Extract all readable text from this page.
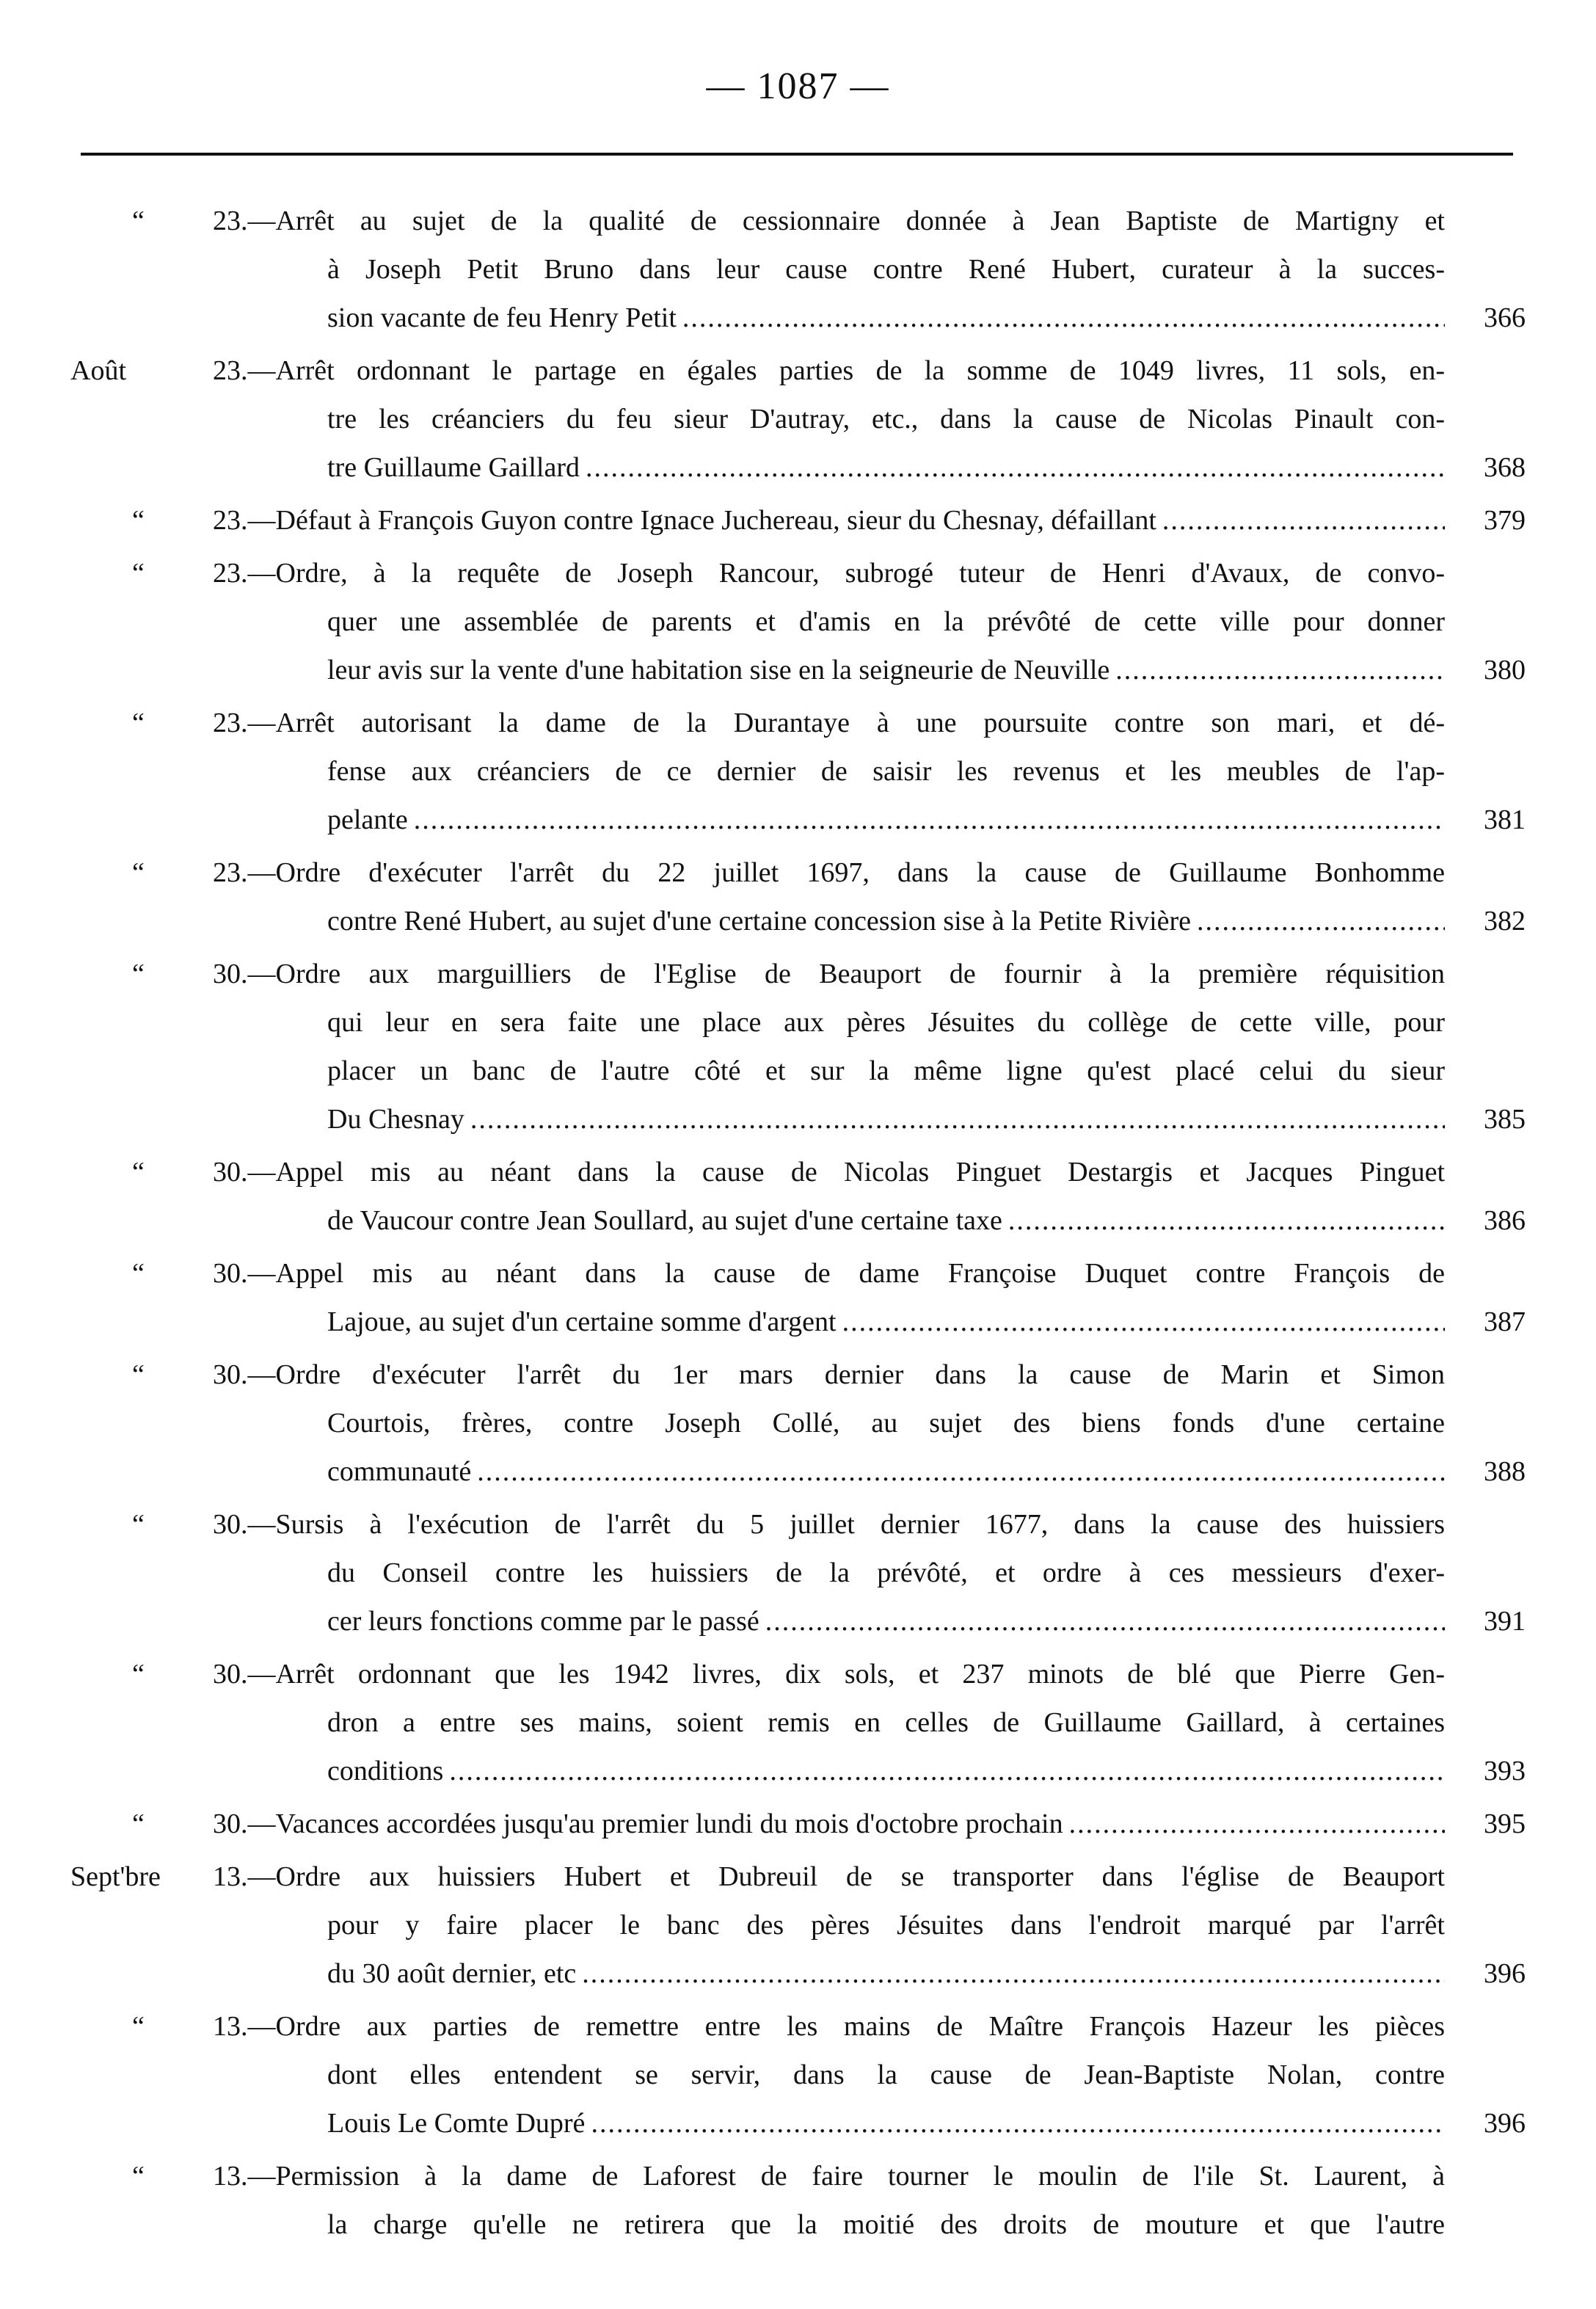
— 1087 —
“	23.—Arrêt au sujet de la qualité de cessionnaire donnée à Jean Baptiste de Martigny et
à Joseph Petit Bruno dans leur cause contre René Hubert, curateur à la succes-
sion vacante de feu Henry Petit .....	366
Août	23.—Arrêt ordonnant le partage en égales parties de la somme de 1049 livres, 11 sols, en-
tre les créanciers du feu sieur D'autray, etc., dans la cause de Nicolas Pinault con-
tre Guillaume Gaillard .....	368
“	23.—Défaut à François Guyon contre Ignace Juchereau, sieur du Chesnay, défaillant .....	379
“	23.—Ordre, à la requête de Joseph Rancour, subrogé tuteur de Henri d'Avaux, de convo-
quer une assemblée de parents et d'amis en la prévôté de cette ville pour donner
leur avis sur la vente d'une habitation sise en la seigneurie de Neuville .....	380
“	23.—Arrêt autorisant la dame de la Durantaye à une poursuite contre son mari, et dé-
fense aux créanciers de ce dernier de saisir les revenus et les meubles de l'ap-
pelante .....	381
“	23.—Ordre d'exécuter l'arrêt du 22 juillet 1697, dans la cause de Guillaume Bonhomme
contre René Hubert, au sujet d'une certaine concession sise à la Petite Rivière .....	382
“	30.—Ordre aux marguilliers de l'Eglise de Beauport de fournir à la première réquisition
qui leur en sera faite une place aux pères Jésuites du collège de cette ville, pour
placer un banc de l'autre côté et sur la même ligne qu'est placé celui du sieur
Du Chesnay .....	385
“	30.—Appel mis au néant dans la cause de Nicolas Pinguet Destargis et Jacques Pinguet
de Vaucour contre Jean Soullard, au sujet d'une certaine taxe .....	386
“	30.—Appel mis au néant dans la cause de dame Françoise Duquet contre François de
Lajoue, au sujet d'un certaine somme d'argent .....	387
“	30.—Ordre d'exécuter l'arrêt du 1er mars dernier dans la cause de Marin et Simon
Courtois, frères, contre Joseph Collé, au sujet des biens fonds d'une certaine
communauté .....	388
“	30.—Sursis à l'exécution de l'arrêt du 5 juillet dernier 1677, dans la cause des huissiers
du Conseil contre les huissiers de la prévôté, et ordre à ces messieurs d'exer-
cer leurs fonctions comme par le passé .....	391
“	30.—Arrêt ordonnant que les 1942 livres, dix sols, et 237 minots de blé que Pierre Gen-
dron a entre ses mains, soient remis en celles de Guillaume Gaillard, à certaines
conditions .....	393
“	30.—Vacances accordées jusqu'au premier lundi du mois d'octobre prochain .....	395
Sept'bre	13.—Ordre aux huissiers Hubert et Dubreuil de se transporter dans l'église de Beauport
pour y faire placer le banc des pères Jésuites dans l'endroit marqué par l'arrêt
du 30 août dernier, etc .....	396
“	13.—Ordre aux parties de remettre entre les mains de Maître François Hazeur les pièces
dont elles entendent se servir, dans la cause de Jean-Baptiste Nolan, contre
Louis Le Comte Dupré .....	396
“	13.—Permission à la dame de Laforest de faire tourner le moulin de l'ile St. Laurent, à
la charge qu'elle ne retirera que la moitié des droits de mouture et que l'autre
